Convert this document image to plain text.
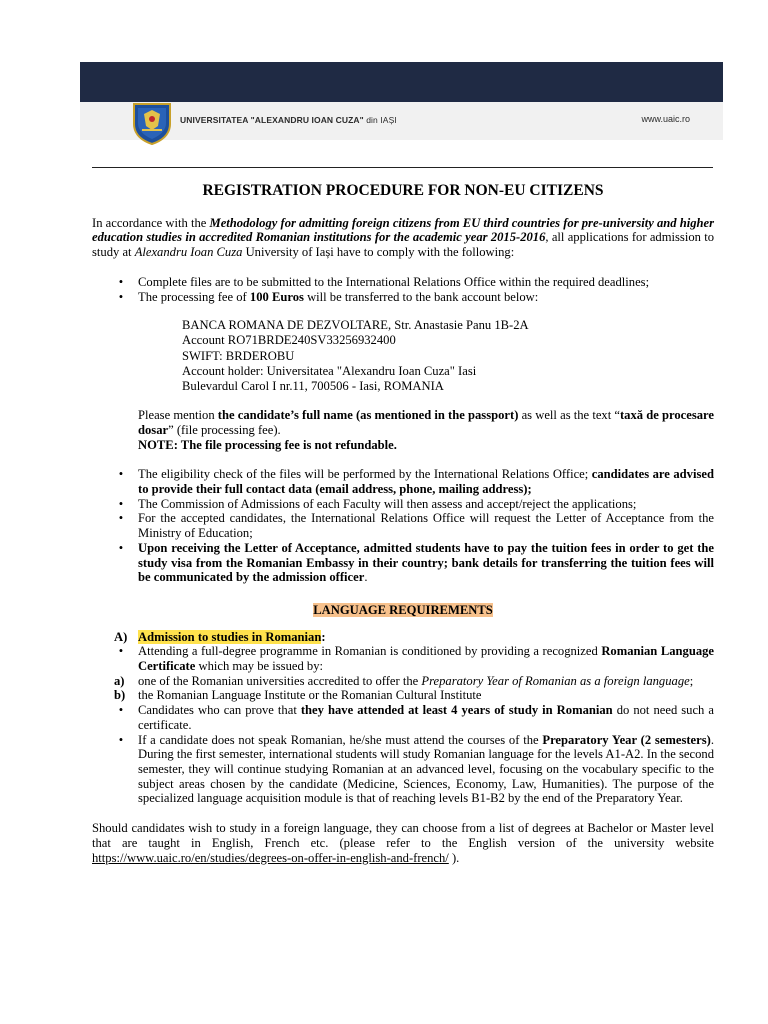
UNIVERSITATEA "ALEXANDRU IOAN CUZA" din IAȘI	www.uaic.ro
REGISTRATION PROCEDURE FOR NON-EU CITIZENS

In accordance with the Methodology for admitting foreign citizens from EU third countries for pre-university and higher education studies in accredited Romanian institutions for the academic year 2015-2016, all applications for admission to study at Alexandru Ioan Cuza University of Iași have to comply with the following:

• Complete files are to be submitted to the International Relations Office within the required deadlines;
• The processing fee of 100 Euros will be transferred to the bank account below:
BANCA ROMANA DE DEZVOLTARE, Str. Anastasie Panu 1B-2A
Account RO71BRDE240SV33256932400
SWIFT: BRDEROBU
Account holder: Universitatea "Alexandru Ioan Cuza" Iasi
Bulevardul Carol I nr.11, 700506 - Iasi, ROMANIA
Please mention the candidate’s full name (as mentioned in the passport) as well as the text “taxă de procesare dosar” (file processing fee).
NOTE: The file processing fee is not refundable.
• The eligibility check of the files will be performed by the International Relations Office; candidates are advised to provide their full contact data (email address, phone, mailing address);
• The Commission of Admissions of each Faculty will then assess and accept/reject the applications;
• For the accepted candidates, the International Relations Office will request the Letter of Acceptance from the Ministry of Education;
• Upon receiving the Letter of Acceptance, admitted students have to pay the tuition fees in order to get the study visa from the Romanian Embassy in their country; bank details for transferring the tuition fees will be communicated by the admission officer.
LANGUAGE REQUIREMENTS
A) Admission to studies in Romanian:
• Attending a full-degree programme in Romanian is conditioned by providing a recognized Romanian Language Certificate which may be issued by:
a)	one of the Romanian universities accredited to offer the Preparatory Year of Romanian as a foreign language;
b)	the Romanian Language Institute or the Romanian Cultural Institute
• Candidates who can prove that they have attended at least 4 years of study in Romanian do not need such a certificate.
• If a candidate does not speak Romanian, he/she must attend the courses of the Preparatory Year (2 semesters). During the first semester, international students will study Romanian language for the levels A1-A2. In the second semester, they will continue studying Romanian at an advanced level, focusing on the vocabulary specific to the subject areas chosen by the candidate (Medicine, Sciences, Economy, Law, Humanities). The purpose of the specialized language acquisition module is that of reaching levels B1-B2 by the end of the Preparatory Year.

Should candidates wish to study in a foreign language, they can choose from a list of degrees at Bachelor or Master level that are taught in English, French etc. (please refer to the English version of the university website https://www.uaic.ro/en/studies/degrees-on-offer-in-english-and-french/ ).
